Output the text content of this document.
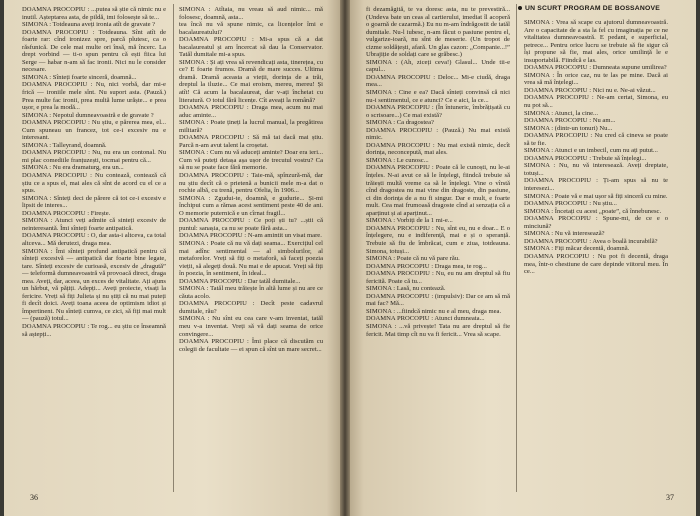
DOAMNA PROCOPIU : ...putea să știe că nimic nu e inutil. Așteptarea asta, de pildă, imi folosește să te...

SIMONA : Totdeauna aveți ironia atît de gravate ?

DOAMNA PROCOPIU : Totdeauna. Sînt atît de foarte rar: cînd ironizez spre, parcă plutesc, ca o răsfunică. De cele mai multe ori însă, mă încerc. La drept vorbind — ti-o spun pentru că ești fiica lui Serge — habar n-am să fac ironii. Nici nu le consider necesare.

SIMONA : Sînteți foarte sinceră, doamnă...

DOAMNA PROCOPIU : Nu, nici vorbă, dar mi-e frică — ironiile mele sînt. Nu suport asta. (Pauză.) Prea multe fac ironii, prea multă lume urăște... e prea ușor, e prea la modă...

SIMONA : Nepotul dumneavoastră e de gravate ?

DOAMNA PROCOPIU : Nu știu, e părerea mea, el... Cum spuneau un francez, tot ce-i excesiv nu e interesant.

SIMONA : Talleyrand, doamnă.

DOAMNA PROCOPIU : Nu, nu era un contonal. Nu mi plac comediile franțuzești, tocmai pentru că...

SIMONA : Nu era dramaturg, era un...

DOAMNA PROCOPIU : Nu contează, contează că știu ce a spus el, mai ales că sînt de acord cu el ce a spus.

SIMONA : Sînteți deci de părere că tot ce-i excesiv e lipsit de interes...

DOAMNA PROCOPIU : Firește.

SIMONA : Atunci veți admite că sinteți excesiv de neinteresantă. Îmi sînteți foarte antipatică.

DOAMNA PROCOPIU : O, dar asta-i altceva, ca total altceva... Mă derutezi, draga mea.

SIMONA : Îmi sînteți profund antipatică pentru că sînteți excesivă — antipatică dar foarte bine legate, tare. Sînteți excesiv de curioasă, excesiv de „dragută” — teleformă dumneavoastră vă provoacă direct, draga mea. Aveți, dar, aceea, un exces de vitalitate. Ați ajuns un hărbut, vă pățiți. Adepți... Aveți proiecte, visați la fericire. Vreți să fiți Julieta și nu știți că nu mai puteți fi decît doici. Aveți toana aceea de optimism idiot și împertinent. Nu sînteți cumva, ce zici, să fiți mai mult — (pauză) totul...

DOAMNA PROCOPIU : Te rog... eu știu ce înseamnă să aștepți...

SIMONA : Atîtaia, nu vreau să aud nimic... mă folosesc, doamnă, asta...

tea încă nu vă spune nimic, ca licențelor îmi e bacalaureatului?

DOAMNA PROCOPIU : Mi-a spus că a dat bacalaureatul și am încercat să dau la Conservator. Tatăl dumitale mi-a spus.

SIMONA : Și ați vrea să revendicați asta, tinerețea, cu ce? E foarte frumos. Dramă de mare succes. Ultima dramă. Dramă aceasta a vieții, dorința de a trăi, dreptul la iluzie... Ce mai eroism, mereu, mereu! Și atît! Că acum la bacalaureat, dar v-ați încheiat cu literatură. O totul fără licențe. Cît aveați la română?

DOAMNA PROCOPIU : Draga mea, acum nu mai aduc aminte...

SIMONA : Poate țineți la lucrul manual, la pregătirea militară?

DOAMNA PROCOPIU : Să mă tai dacă mai știu. Parcă n-am avut talent la croșetat.

SIMONA : Cum nu vă aduceți aminte? Doar era ieri... Cum vă puteți detașa așa ușor de trecutul vostru? Ca să nu se poate face fără memorie.

DOAMNA PROCOPIU : Taie-mă, spînzură-mă, dar nu știu decît că o prietenă a bunicii mele m-a dat o rochie albă, cu trenă, pentru Ofelia, în 1906...

SIMONA : Zgudui-te, doamnă, e gudurie... Și-mi închipui cum a rămas acest sentiment peste 40 de ani. O memorie puternică e un cîrnat fragil...

DOAMNA PROCOPIU : Ce poți ști tu? ...știi că puntul: sanașia, ca nu se poate fără asta...

DOAMNA PROCOPIU : N-am amintit un visat mare.

SIMONA : Poate că nu vă dați seama... Exercițiul cel mai adînc sentimental — al simbolurilor, al metaforelor. Vreți să fiți o metaforă, să faceți poezia vieții, să alegeți două. Nu mai e de apucat. Vreți să fiți în poezia, în sentiment, în ideal...

DOAMNA PROCOPIU : Dar tatăl dumitale...

SIMONA : Tatăl meu trăiește în altă lume și nu are ce căuta acolo.

DOAMNA PROCOPIU : Decît peste cadavrul dumitale, rău?

SIMONA : Nu sînt eu cea care v-am inventat, tatăl meu v-a inventat. Vreți să vă dați seama de orice convingere...

DOAMNA PROCOPIU : Îmi place că discutăm cu colegii de facultate — ei spun că sînt un mare secret...

36
UN SCURT PROGRAM DE BOSSANOVE

fi dezamăgită, te va doresc asta, nu te prevestiră... (Undeva bate un ceas al cartierului, imediat îl acoperă o goarnă de cazarmă.) Eu nu m-am îndrăgostit de tatăl dumitale. Nu-l iubesc, n-am făcut o pasiune pentru el, vulgarize-ioară, nu sînt de meserie. (Un tropot de cizme soldățești, afară. Un glas cazon: „Companie...!” Ubrajiție de soldați care se grăbesc.)

SIMONA : (Ah, ziceți ceva!) Glasul... Unde tii-e capul...

DOAMNA PROCOPIU : Deloc... Mi-e ciudă, draga mea...

SIMONA : Cine e ea? Dacă sînteți convinsă că nici nu-i sentimentul, ce e atunci? Ce e aici, la ce...

DOAMNA PROCOPIU : (În întuneric, îmbrățișată cu o scrisoare...) Ce mai există?

SIMONA : Ca dragostea?

DOAMNA PROCOPIU : (Pauză.) Nu mai există nimic.

DOAMNA PROCOPIU : Nu mai există nimic, decît dorința, neconcepută, mai ales.

SIMONA : Le cunosc...

DOAMNA PROCOPIU : Poate că le cunoști, nu le-ai înțeles. N-ai avut ce să le înțelegi, fiindcă trebuie să trăiești multă vreme ca să le înțelegi. Vine o vîrstă cînd dragostea nu mai vine din dragoste, din pasiune, ci din dorința de a nu fi singur. Dar e mult, e foarte mult. Cea mai frumoasă dragoste cînd ai senzația că a aparținut și ai aparținut...

SIMONA : Vorbiți de la 1 mi-e...

DOAMNA PROCOPIU : Nu, sînt eu, nu e doar... E o înțelegere, nu e indiferență, mai e și o speranță. Trebuie să fiu de îmbrăcat, cum e ziua, totdeauna. Simona, totuși...

SIMONA : Poate că nu vă pare rău.

DOAMNA PROCOPIU : Draga mea, te rog...

DOAMNA PROCOPIU : Nu, eu nu am dreptul să fiu fericită. Poate că tu...

SIMONA : Lasă, nu contează.

DOAMNA PROCOPIU : (impulsiv): Dar ce am să mă mai fac? Mă...

SIMONA : ...fiindcă nimic nu e al meu, draga mea.

DOAMNA PROCOPIU : Atunci dumneata...

SIMONA : ...vă privește! Tata nu are dreptul să fie fericit. Mai timp cît nu va fi fericit... Vrea să scape.

SIMONA : Vrea să scape cu ajutorul dumneavoastră. Are o capacitate de a sta la fel cu imaginația pe ce ne vitalitatea dumneavoastră. E pedant, e superficial, petrece... Pentru orice lucru se trebuie să fie sigur că își propune să fie, mai ales, orice umilință le e insuportabilă. Fiindcă e las.

DOAMNA PROCOPIU : Dumneata supune umilirea?

SIMONA : În orice caz, nu te las pe mine. Dacă ai vrea să mă înțelegi...

DOAMNA PROCOPIU : Nici nu e. Ne-ai văzut...

DOAMNA PROCOPIU : Ne-am certat, Simona, eu nu pot să...

SIMONA : Atunci, la cine...

DOAMNA PROCOPIU : Nu am...

SIMONA : (dintr-un tonuri) Nu...

DOAMNA PROCOPIU : Nu cred că cineva se poate să te fie.

SIMONA : Atunci e un imbecil, cum nu ați putut...

DOAMNA PROCOPIU : Trebuie să înțelegi...

SIMONA : Nu, nu vă interesează. Aveți dreptate, totuși...

DOAMNA PROCOPIU : Ți-am spus să nu te interesezi...

SIMONA : Poate vă e mai ușor să fiți sinceră cu mine.

DOAMNA PROCOPIU : Nu știu...

SIMONA : Încetați cu acest „poate”, că înnebunesc.

DOAMNA PROCOPIU : Spune-mi, de ce e o minciună?

SIMONA : Nu vă interesează?

DOAMNA PROCOPIU : Avea o boală incurabilă?

SIMONA : Fiți măcar decentă, doamnă.

DOAMNA PROCOPIU : Nu pot fi decentă, draga mea, într-o chestiune de care depinde viitorul meu. În ce...

37
